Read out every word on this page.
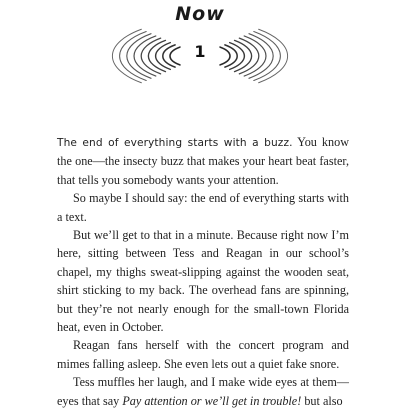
Now
1

The end of everything starts with a buzz. You know the one—the insecty buzz that makes your heart beat faster, that tells you somebody wants your attention.

So maybe I should say: the end of everything starts with a text.

But we’ll get to that in a minute. Because right now I’m here, sitting between Tess and Reagan in our school’s chapel, my thighs sweat-slipping against the wooden seat, shirt sticking to my back. The overhead fans are spinning, but they’re not nearly enough for the small-town Florida heat, even in October.

Reagan fans herself with the concert program and mimes falling asleep. She even lets out a quiet fake snore.

Tess muffles her laugh, and I make wide eyes at them—eyes that say Pay attention or we’ll get in trouble! but also
